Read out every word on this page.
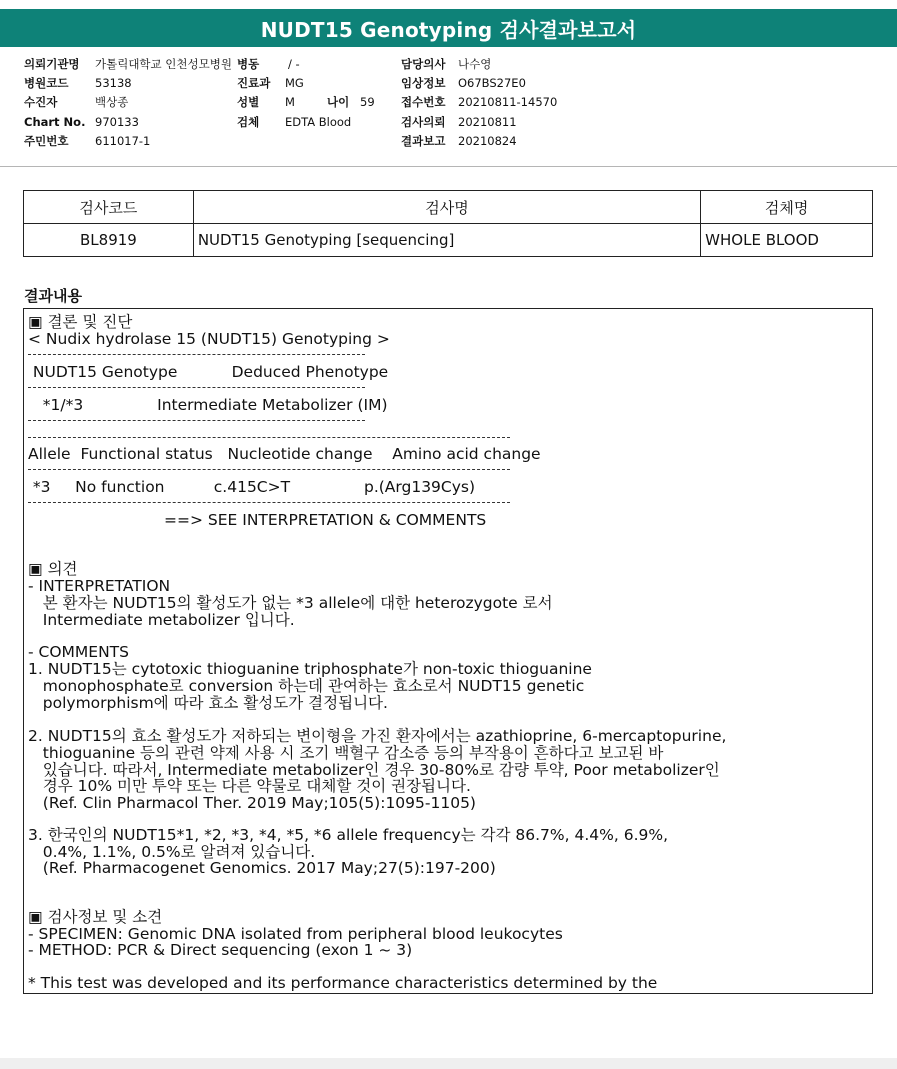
NUDT15 Genotyping 검사결과보고서
의뢰기관명 가톨릭대학교 인천성모병원 병동	/ -	담당의사 나수영
병원코드 53138	진료과 MG	임상정보 O67BS27E0
수진자	백상종	성별 M	나이 59 접수번호 20210811-14570
Chart No. 970133	검체 EDTA Blood	검사의뢰 20210811
주민번호 611017-1	결과보고 20210824
검사코드	검사명	검체명
BL8919	NUDT15 Genotyping [sequencing]	WHOLE BLOOD
결과내용
▣ 결론 및 진단
< Nudix hydrolase 15 (NUDT15) Genotyping >
NUDT15 Genotype           Deduced Phenotype
*1/*3               Intermediate Metabolizer (IM)
Allele  Functional status   Nucleotide change    Amino acid change
*3     No function          c.415C>T               p.(Arg139Cys)
==> SEE INTERPRETATION & COMMENTS
▣ 의견
- INTERPRETATION
본 환자는 NUDT15의 활성도가 없는 *3 allele에 대한 heterozygote 로서
Intermediate metabolizer 입니다.
- COMMENTS
1. NUDT15는 cytotoxic thioguanine triphosphate가 non-toxic thioguanine
monophosphate로 conversion 하는데 관여하는 효소로서 NUDT15 genetic
polymorphism에 따라 효소 활성도가 결정됩니다.
2. NUDT15의 효소 활성도가 저하되는 변이형을 가진 환자에서는 azathioprine, 6-mercaptopurine,
thioguanine 등의 관련 약제 사용 시 조기 백혈구 감소증 등의 부작용이 흔하다고 보고된 바
있습니다. 따라서, Intermediate metabolizer인 경우 30-80%로 감량 투약, Poor metabolizer인
경우 10% 미만 투약 또는 다른 약물로 대체할 것이 권장됩니다.
(Ref. Clin Pharmacol Ther. 2019 May;105(5):1095-1105)
3. 한국인의 NUDT15*1, *2, *3, *4, *5, *6 allele frequency는 각각 86.7%, 4.4%, 6.9%,
0.4%, 1.1%, 0.5%로 알려져 있습니다.
(Ref. Pharmacogenet Genomics. 2017 May;27(5):197-200)
▣ 검사정보 및 소견
- SPECIMEN: Genomic DNA isolated from peripheral blood leukocytes
- METHOD: PCR & Direct sequencing (exon 1 ~ 3)
* This test was developed and its performance characteristics determined by the
